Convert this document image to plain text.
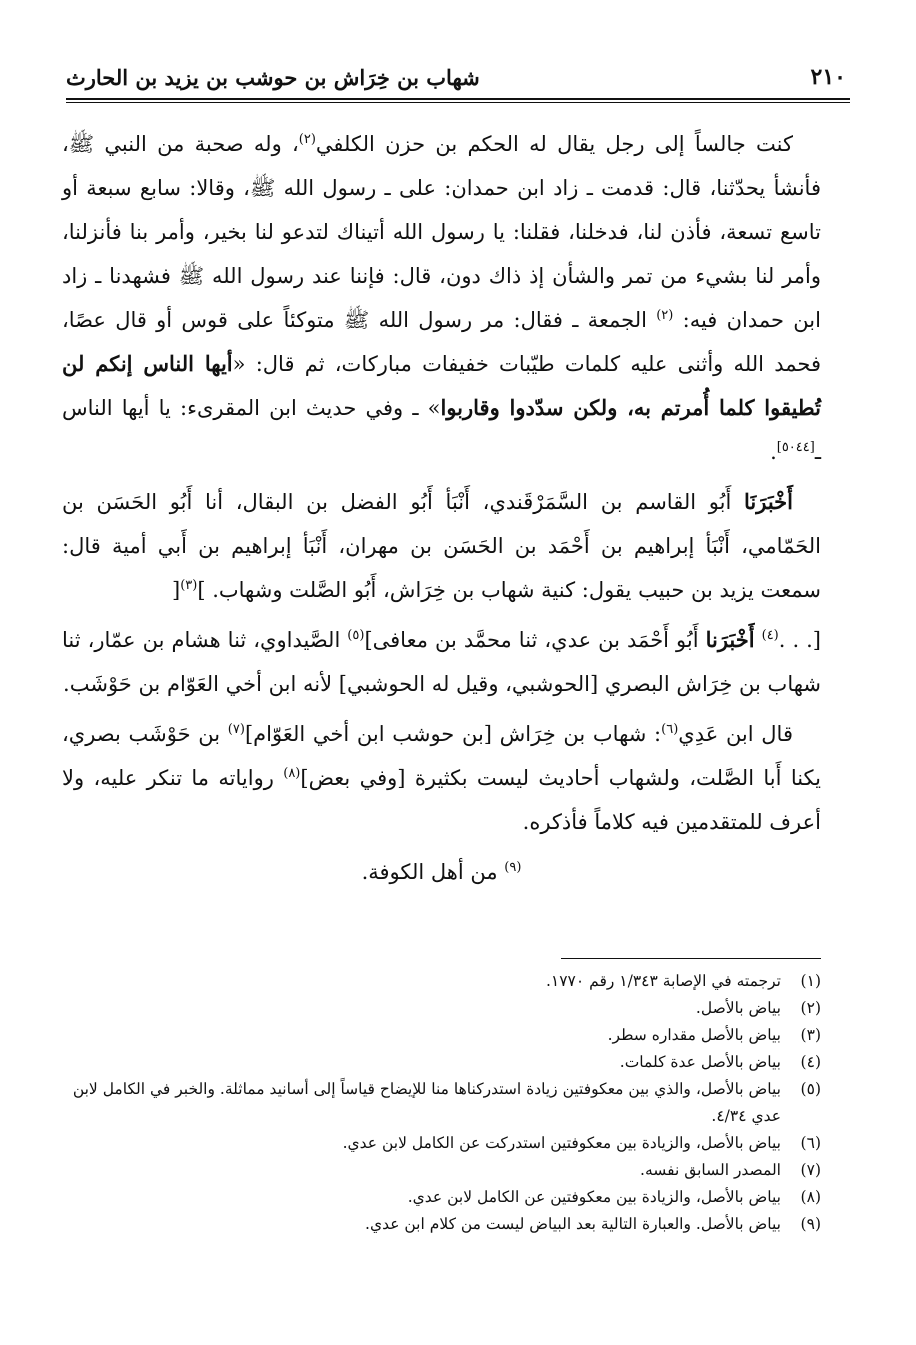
٢١٠
شهاب بن خِرَاش بن حوشب بن يزيد بن الحارث

كنت جالساً إلى رجل يقال له الحكم بن حزن الكلفي$^{(٢)}$، وله صحبة من النبي ﷺ، فأنشأ يحدّثنا، قال: قدمت ـ زاد ابن حمدان: على ـ رسول الله ﷺ، وقالا: سابع سبعة أو تاسع تسعة، فأذن لنا، فدخلنا، فقلنا: يا رسول الله أتيناك لتدعو لنا بخير، وأمر بنا فأنزلنا، وأمر لنا بشيء من تمر والشأن إذ ذاك دون، قال: فإننا عند رسول الله ﷺ فشهدنا ـ زاد ابن حمدان فيه: $^{(٢)}$ الجمعة ـ فقال: مر رسول الله ﷺ متوكئاً على قوس أو قال عصًا، فحمد الله وأثنى عليه كلمات طيّبات خفيفات مباركات، ثم قال: «أيها الناس إنكم لن تُطيقوا كلما أُمرتم به، ولكن سدّدوا وقاربوا» ـ وفي حديث ابن المقرىء: يا أيها الناس ـ[٥٠٤٤].

أَخْبَرَنَا أَبُو القاسم بن السَّمَرْقَندي، أَنْبَأ أَبُو الفضل بن البقال، أنا أَبُو الحَسَن بن الحَمّامي، أَنْبَأ إبراهيم بن أَحْمَد بن الحَسَن بن مهران، أَنْبَأ إبراهيم بن أَبي أمية قال: سمعت يزيد بن حبيب يقول: كنية شهاب بن خِرَاش، أَبُو الصَّلت وشهاب. ]$^{(٣)}$[

[. . .$^{(٤)}$ أَخْبَرَنا أَبُو أَحْمَد بن عدي، ثنا محمَّد بن معافى]$^{(٥)}$ الصَّيداوي، ثنا هشام بن عمّار، ثنا شهاب بن خِرَاش البصري [الحوشبي، وقيل له الحوشبي] لأنه ابن أخي العَوّام بن حَوْشَب.

قال ابن عَدِي$^{(٦)}$: شهاب بن خِرَاش [بن حوشب ابن أخي العَوّام]$^{(٧)}$ بن حَوْشَب بصري، يكنا أَبا الصَّلت، ولشهاب أحاديث ليست بكثيرة [وفي بعض]$^{(٨)}$ رواياته ما تنكر عليه، ولا أعرف للمتقدمين فيه كلاماً فأذكره.

$^{(٩)}$ من أهل الكوفة.

(١)
ترجمته في الإصابة ١/٣٤٣ رقم ١٧٧٠.
(٢)
بياض بالأصل.
(٣)
بياض بالأصل مقداره سطر.
(٤)
بياض بالأصل عدة كلمات.
(٥)
بياض بالأصل، والذي بين معكوفتين زيادة استدركناها منا للإيضاح قياساً إلى أسانيد مماثلة. والخبر في الكامل لابن عدي ٤/٣٤.
(٦)
بياض بالأصل، والزيادة بين معكوفتين استدركت عن الكامل لابن عدي.
(٧)
المصدر السابق نفسه.
(٨)
بياض بالأصل، والزيادة بين معكوفتين عن الكامل لابن عدي.
(٩)
بياض بالأصل. والعبارة التالية بعد البياض ليست من كلام ابن عدي.
